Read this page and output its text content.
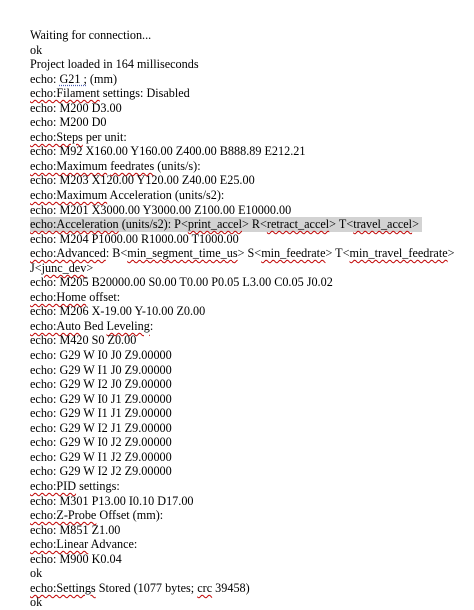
Waiting for connection...
ok
Project loaded in 164 milliseconds
echo: G21 ; (mm)
echo:Filament settings: Disabled
echo: M200 D3.00
echo: M200 D0
echo:Steps per unit:
echo: M92 X160.00 Y160.00 Z400.00 B888.89 E212.21
echo:Maximum feedrates (units/s):
echo: M203 X120.00 Y120.00 Z40.00 E25.00
echo:Maximum Acceleration (units/s2):
echo: M201 X3000.00 Y3000.00 Z100.00 E10000.00
echo:Acceleration (units/s2): P<print_accel> R<retract_accel> T<travel_accel>
echo: M204 P1000.00 R1000.00 T1000.00
echo:Advanced: B<min_segment_time_us> S<min_feedrate> T<min_travel_feedrate>
J<junc_dev>
echo: M205 B20000.00 S0.00 T0.00 P0.05 L3.00 C0.05 J0.02
echo:Home offset:
echo: M206 X-19.00 Y-10.00 Z0.00
echo:Auto Bed Leveling:
echo: M420 S0 Z0.00
echo: G29 W I0 J0 Z9.00000
echo: G29 W I1 J0 Z9.00000
echo: G29 W I2 J0 Z9.00000
echo: G29 W I0 J1 Z9.00000
echo: G29 W I1 J1 Z9.00000
echo: G29 W I2 J1 Z9.00000
echo: G29 W I0 J2 Z9.00000
echo: G29 W I1 J2 Z9.00000
echo: G29 W I2 J2 Z9.00000
echo:PID settings:
echo: M301 P13.00 I0.10 D17.00
echo:Z-Probe Offset (mm):
echo: M851 Z1.00
echo:Linear Advance:
echo: M900 K0.04
ok
echo:Settings Stored (1077 bytes; crc 39458)
ok
